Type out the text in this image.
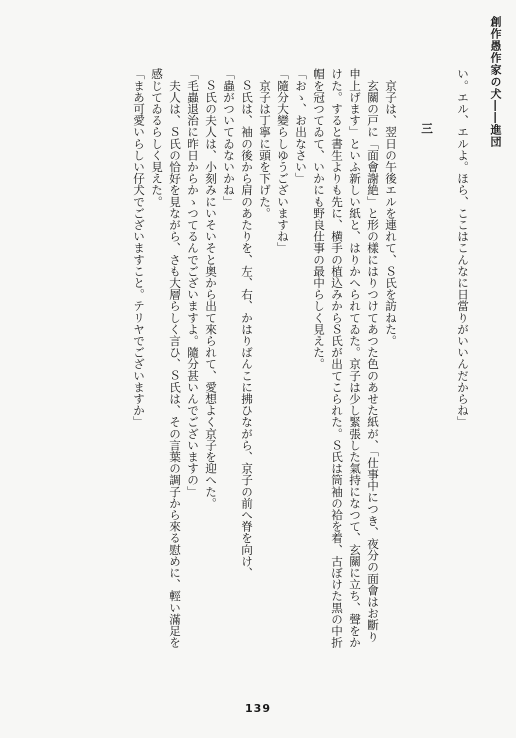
創作愚作家の犬――進団
い。エル、エルよ。ほら、ここはこんなに日當りがいいんだからね」

　　　　三

　京子は、翌日の午後エルを連れて、Ｓ氏を訪ねた。
　玄關の戸に「面會謝絶」と形の樣にはりつけてあつた色のあせた紙が、「仕事中につき、夜分の面會はお斷り
申上げます」といふ新しい紙と、はりかへられてゐた。京子は少し緊張した氣持になつて、玄關に立ち、聲をか
けた。すると書生よりも先に、横手の植込みからＳ氏が出てこられた。Ｓ氏は筒袖の袷を着、古ぼけた黒の中折
帽を冠つてゐて、いかにも野良仕事の最中らしく見えた。
「おゝ、お出なさい」
「隨分大變らしゆうございますね」
　京子は丁寧に頭を下げた。
　Ｓ氏は、袖の後から肩のあたりを、左、右、かはりばんこに拂ひながら、京子の前へ脊を向け、
「蟲がついてゐないかね」
　Ｓ氏の夫人は、小刻みにいそいそと奥から出て來られて、愛想よく京子を迎へた。
「毛蟲退治に昨日からかゝつてるんでございますよ。隨分甚いんでございますの」
　夫人は、Ｓ氏の恰好を見ながら、さも大層らしく言ひ、Ｓ氏は、その言葉の調子から來る慰めに、輕い滿足を
感じてゐるらしく見えた。
「まあ可愛いらしい仔犬でございますこと。テリヤでございますか」
139
